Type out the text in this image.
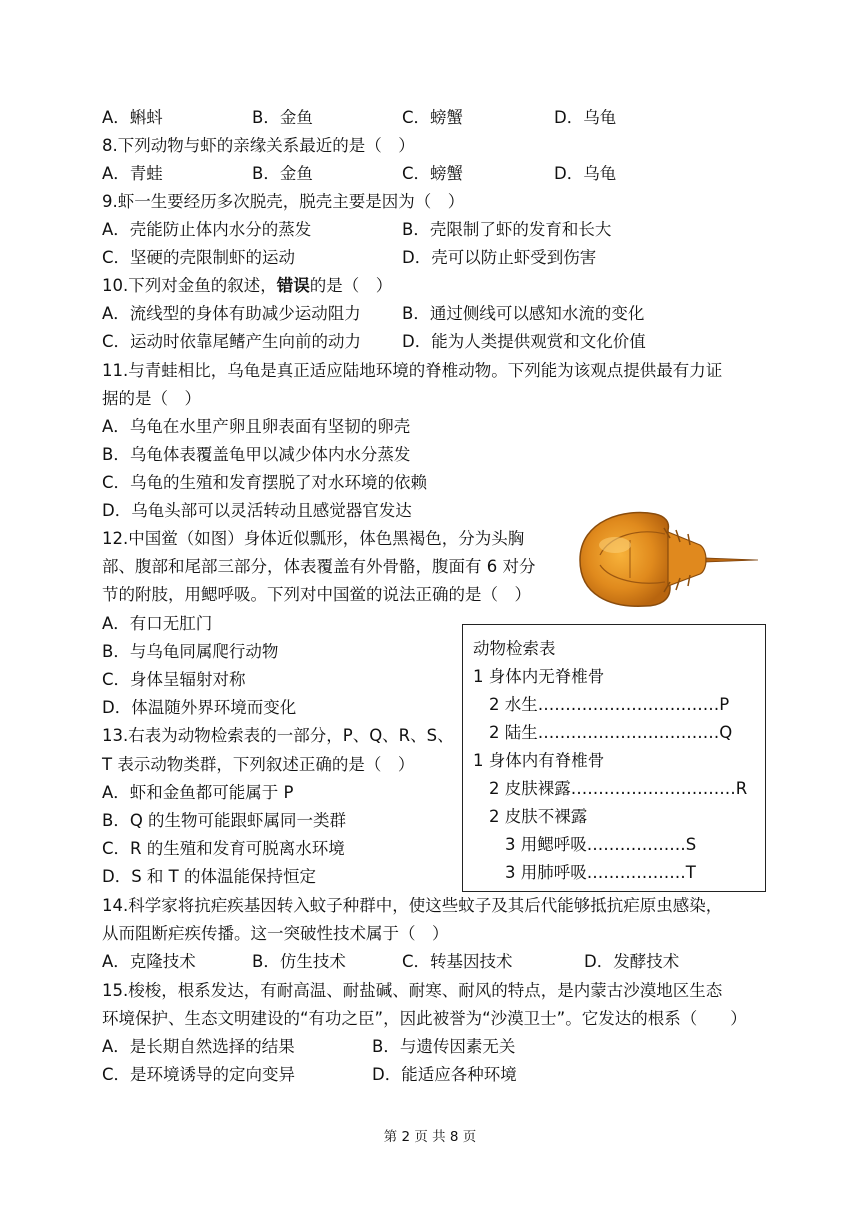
A．蝌蚪	B．金鱼	C．螃蟹	D．乌龟
8.下列动物与虾的亲缘关系最近的是（　）
A．青蛙	B．金鱼	C．螃蟹	D．乌龟
9.虾一生要经历多次脱壳，脱壳主要是因为（　）
A．壳能防止体内水分的蒸发	B．壳限制了虾的发育和长大
C．坚硬的壳限制虾的运动	D．壳可以防止虾受到伤害
10.下列对金鱼的叙述，错误的是（　）
A．流线型的身体有助减少运动阻力 B．通过侧线可以感知水流的变化
C．运动时依靠尾鳍产生向前的动力 D．能为人类提供观赏和文化价值
11.与青蛙相比，乌龟是真正适应陆地环境的脊椎动物。下列能为该观点提供最有力证
据的是（　）
A．乌龟在水里产卵且卵表面有坚韧的卵壳
B．乌龟体表覆盖龟甲以减少体内水分蒸发
C．乌龟的生殖和发育摆脱了对水环境的依赖
D．乌龟头部可以灵活转动且感觉器官发达
12.中国鲎（如图）身体近似瓢形，体色黑褐色，分为头胸
部、腹部和尾部三部分，体表覆盖有外骨骼，腹面有 6 对分
节的附肢，用鳃呼吸。下列对中国鲎的说法正确的是（　）
A．有口无肛门
B．与乌龟同属爬行动物
C．身体呈辐射对称
D．体温随外界环境而变化
动物检索表
1 身体内无脊椎骨
2 水生……………………………P
2 陆生……………………………Q
1 身体内有脊椎骨
2 皮肤裸露…………………………R
2 皮肤不裸露
3 用鳃呼吸………………S
3 用肺呼吸………………T
13.右表为动物检索表的一部分，P、Q、R、S、
T 表示动物类群，下列叙述正确的是（　）
A．虾和金鱼都可能属于 P
B．Q 的生物可能跟虾属同一类群
C．R 的生殖和发育可脱离水环境
D．S 和 T 的体温能保持恒定
14.科学家将抗疟疾基因转入蚊子种群中，使这些蚊子及其后代能够抵抗疟原虫感染，
从而阻断疟疾传播。这一突破性技术属于（　）
A．克隆技术	B．仿生技术	C．转基因技术	D．发酵技术
15.梭梭，根系发达，有耐高温、耐盐碱、耐寒、耐风的特点，是内蒙古沙漠地区生态
环境保护、生态文明建设的“有功之臣”，因此被誉为“沙漠卫士”。它发达的根系（　　）
A．是长期自然选择的结果	B．与遗传因素无关
C．是环境诱导的定向变异	D．能适应各种环境
第 2 页 共 8 页
